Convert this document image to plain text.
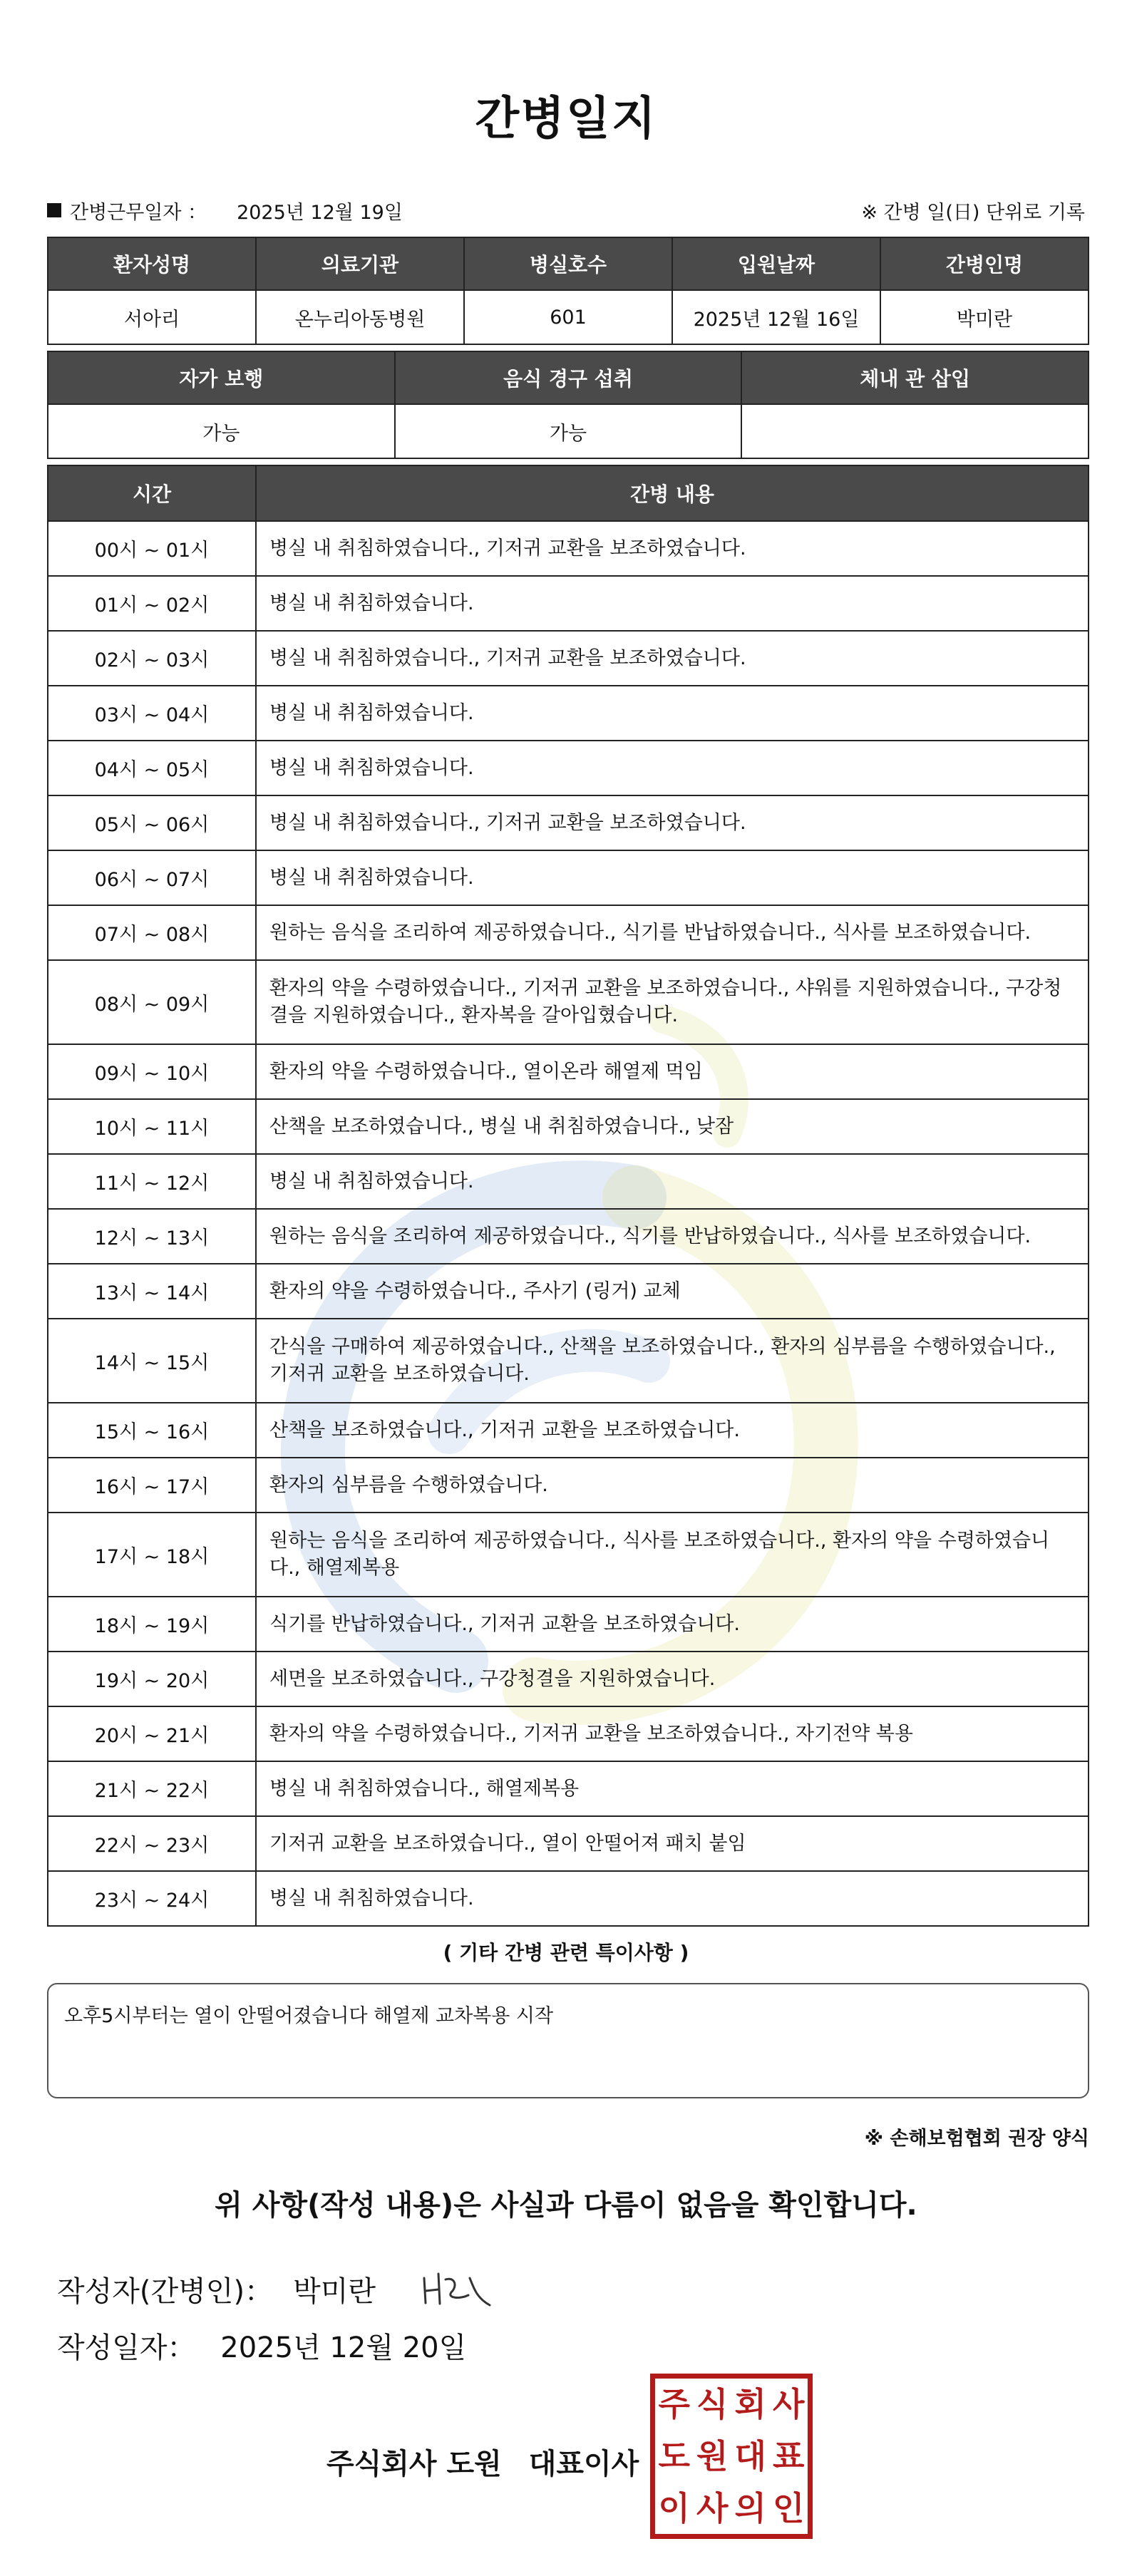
간병일지
간병근무일자 ： 2025년 12월 19일	※ 간병 일(日) 단위로 기록
환자성명	의료기관	병실호수	입원날짜	간병인명
서아리	온누리아동병원	601	2025년 12월 16일	박미란
자가 보행	음식 경구 섭취	체내 관 삽입
가능	가능	
시간	간병 내용
00시 ~ 01시	병실 내 취침하였습니다., 기저귀 교환을 보조하였습니다.
01시 ~ 02시	병실 내 취침하였습니다.
02시 ~ 03시	병실 내 취침하였습니다., 기저귀 교환을 보조하였습니다.
03시 ~ 04시	병실 내 취침하였습니다.
04시 ~ 05시	병실 내 취침하였습니다.
05시 ~ 06시	병실 내 취침하였습니다., 기저귀 교환을 보조하였습니다.
06시 ~ 07시	병실 내 취침하였습니다.
07시 ~ 08시	원하는 음식을 조리하여 제공하였습니다., 식기를 반납하였습니다., 식사를 보조하였습니다.
08시 ~ 09시	환자의 약을 수령하였습니다., 기저귀 교환을 보조하였습니다., 샤워를 지원하였습니다., 구강청결을 지원하였습니다., 환자복을 갈아입혔습니다.
09시 ~ 10시	환자의 약을 수령하였습니다., 열이온라 해열제 먹임
10시 ~ 11시	산책을 보조하였습니다., 병실 내 취침하였습니다., 낮잠
11시 ~ 12시	병실 내 취침하였습니다.
12시 ~ 13시	원하는 음식을 조리하여 제공하였습니다., 식기를 반납하였습니다., 식사를 보조하였습니다.
13시 ~ 14시	환자의 약을 수령하였습니다., 주사기 (링거) 교체
14시 ~ 15시	간식을 구매하여 제공하였습니다., 산책을 보조하였습니다., 환자의 심부름을 수행하였습니다., 기저귀 교환을 보조하였습니다.
15시 ~ 16시	산책을 보조하였습니다., 기저귀 교환을 보조하였습니다.
16시 ~ 17시	환자의 심부름을 수행하였습니다.
17시 ~ 18시	원하는 음식을 조리하여 제공하였습니다., 식사를 보조하였습니다., 환자의 약을 수령하였습니다., 해열제복용
18시 ~ 19시	식기를 반납하였습니다., 기저귀 교환을 보조하였습니다.
19시 ~ 20시	세면을 보조하였습니다., 구강청결을 지원하였습니다.
20시 ~ 21시	환자의 약을 수령하였습니다., 기저귀 교환을 보조하였습니다., 자기전약 복용
21시 ~ 22시	병실 내 취침하였습니다., 해열제복용
22시 ~ 23시	기저귀 교환을 보조하였습니다., 열이 안떨어져 패치 붙임
23시 ~ 24시	병실 내 취침하였습니다.
( 기타 간병 관련 특이사항 )
오후5시부터는 열이 안떨어졌습니다 해열제 교차복용 시작
※ 손해보험협회 권장 양식
위 사항(작성 내용)은 사실과 다름이 없음을 확인합니다.
작성자(간병인)： 박미란
작성일자： 2025년 12월 20일
주식회사 도원 대표이사
주 식 회 사
도 원 대 표
이 사 의 인
